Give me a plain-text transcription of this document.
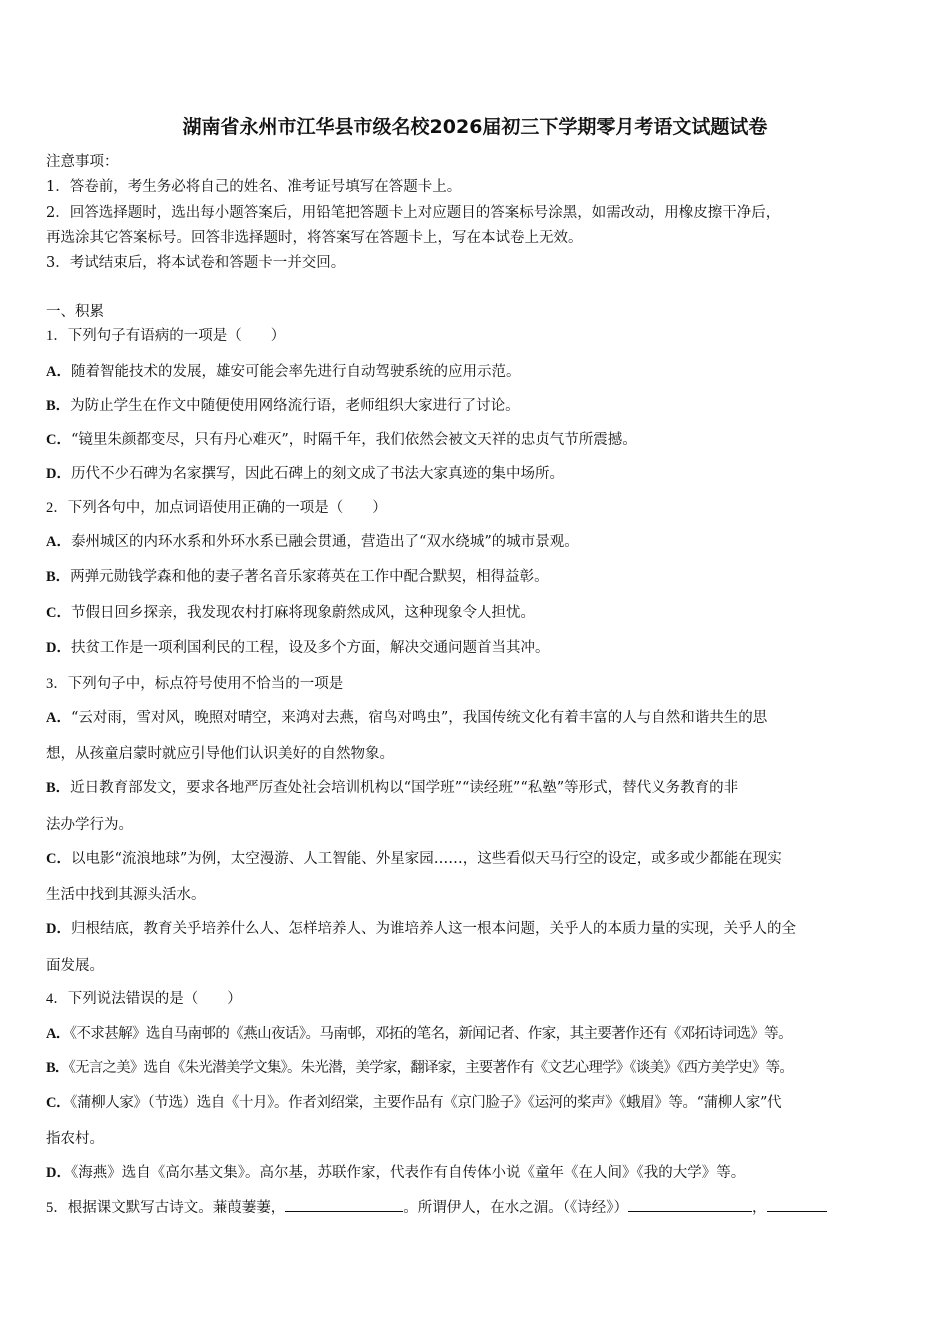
湖南省永州市江华县市级名校2026届初三下学期零月考语文试题试卷
注意事项：
1．答卷前，考生务必将自己的姓名、准考证号填写在答题卡上。
2．回答选择题时，选出每小题答案后，用铅笔把答题卡上对应题目的答案标号涂黑，如需改动，用橡皮擦干净后，
再选涂其它答案标号。回答非选择题时，将答案写在答题卡上，写在本试卷上无效。
3．考试结束后，将本试卷和答题卡一并交回。
一、积累
1．下列句子有语病的一项是（　　）
A．随着智能技术的发展，雄安可能会率先进行自动驾驶系统的应用示范。
B．为防止学生在作文中随便使用网络流行语，老师组织大家进行了讨论。
C．“镜里朱颜都变尽，只有丹心难灭”，时隔千年，我们依然会被文天祥的忠贞气节所震撼。
D．历代不少石碑为名家撰写，因此石碑上的刻文成了书法大家真迹的集中场所。
2．下列各句中，加点词语使用正确的一项是（　　）
A．泰州城区的内环水系和外环水系已融会贯通，营造出了“双水绕城”的城市景观。
B．两弹元勋钱学森和他的妻子著名音乐家蒋英在工作中配合默契，相得益彰。
C．节假日回乡探亲，我发现农村打麻将现象蔚然成风，这种现象令人担忧。
D．扶贫工作是一项利国利民的工程，设及多个方面，解决交通问题首当其冲。
3．下列句子中，标点符号使用不恰当的一项是
A．“云对雨，雪对风，晚照对晴空，来鸿对去燕，宿鸟对鸣虫”，我国传统文化有着丰富的人与自然和谐共生的思
想，从孩童启蒙时就应引导他们认识美好的自然物象。
B．近日教育部发文，要求各地严厉查处社会培训机构以“国学班”“读经班”“私塾”等形式，替代义务教育的非
法办学行为。
C．以电影“流浪地球”为例，太空漫游、人工智能、外星家园……，这些看似天马行空的设定，或多或少都能在现实
生活中找到其源头活水。
D．归根结底，教育关乎培养什么人、怎样培养人、为谁培养人这一根本问题，关乎人的本质力量的实现，关乎人的全
面发展。
4．下列说法错误的是（　　）
A．《不求甚解》选自马南邨的《燕山夜话》。马南邨，邓拓的笔名，新闻记者、作家，其主要著作还有《邓拓诗词选》等。
B．《无言之美》选自《朱光潜美学文集》。朱光潜，美学家，翻译家，主要著作有《文艺心理学》《谈美》《西方美学史》等。
C．《蒲柳人家》（节选）选自《十月》。作者刘绍棠，主要作品有《京门脸子》《运河的桨声》《蛾眉》等。“蒲柳人家”代
指农村。
D．《海燕》选自《高尔基文集》。高尔基，苏联作家，代表作有自传体小说《童年《在人间》《我的大学》等。
5．根据课文默写古诗文。蒹葭萋萋，	。所谓伊人，在水之湄。（《诗经》）	，
